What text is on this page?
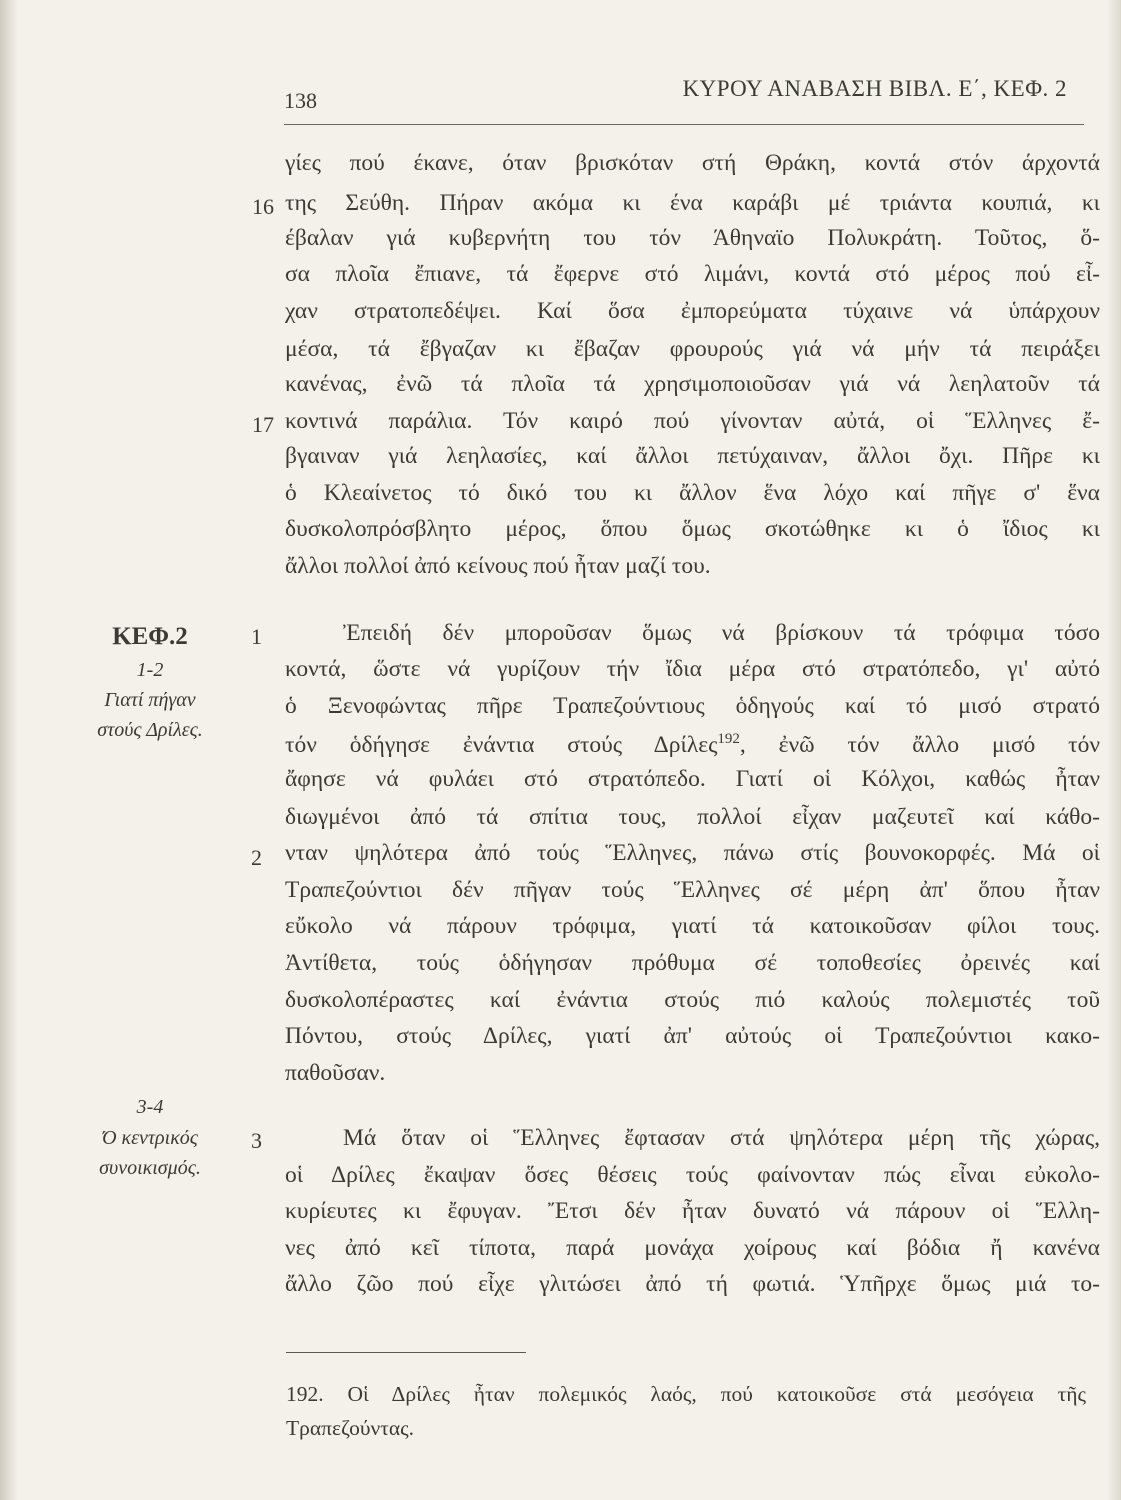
138	ΚΥΡΟΥ ΑΝΑΒΑΣΗ ΒΙΒΛ. Ε΄, ΚΕΦ. 2
16
17
1
2
3
ΚΕΦ.2
1-2
Γιατί πήγαν
στούς Δρίλες.
3-4
Ό κεντρικός
συνοικισμός.
γίες πού έκανε, όταν βρισκόταν στή Θράκη, κοντά στόν άρχοντά
της Σεύθη. Πήραν ακόμα κι ένα καράβι μέ τριάντα κουπιά, κι
έβαλαν γιά κυβερνήτη του τόν Άθηναϊο Πολυκράτη. Τοῦτος, ὅ-
σα πλοῖα ἔπιανε, τά ἔφερνε στό λιμάνι, κοντά στό μέρος πού εἶ-
χαν στρατοπεδέψει. Καί ὅσα ἐμπορεύματα τύχαινε νά ὑπάρχουν
μέσα, τά ἔβγαζαν κι ἔβαζαν φρουρούς γιά νά μήν τά πειράξει
κανένας, ἐνῶ τά πλοῖα τά χρησιμοποιοῦσαν γιά νά λεηλατοῦν τά
κοντινά παράλια. Τόν καιρό πού γίνονταν αὐτά, οἱ Ἕλληνες ἔ-
βγαιναν γιά λεηλασίες, καί ἄλλοι πετύχαιναν, ἄλλοι ὄχι. Πῆρε κι
ὁ Κλεαίνετος τό δικό του κι ἄλλον ἕνα λόχο καί πῆγε σ' ἕνα
δυσκολοπρόσβλητο μέρος, ὅπου ὅμως σκοτώθηκε κι ὁ ἴδιος κι
ἄλλοι πολλοί ἀπό κείνους πού ἦταν μαζί του.
Ἐπειδή δέν μποροῦσαν ὅμως νά βρίσκουν τά τρόφιμα τόσο
κοντά, ὥστε νά γυρίζουν τήν ἴδια μέρα στό στρατόπεδο, γι' αὐτό
ὁ Ξενοφώντας πῆρε Τραπεζούντιους ὁδηγούς καί τό μισό στρατό
τόν ὁδήγησε ἐνάντια στούς Δρίλες$^{192}$, ἐνῶ τόν ἄλλο μισό τόν
ἄφησε νά φυλάει στό στρατόπεδο. Γιατί οἱ Κόλχοι, καθώς ἦταν
διωγμένοι ἀπό τά σπίτια τους, πολλοί εἶχαν μαζευτεῖ καί κάθο-
νταν ψηλότερα ἀπό τούς Ἕλληνες, πάνω στίς βουνοκορφές. Μά οἱ
Τραπεζούντιοι δέν πῆγαν τούς Ἕλληνες σέ μέρη ἀπ' ὅπου ἦταν
εὔκολο νά πάρουν τρόφιμα, γιατί τά κατοικοῦσαν φίλοι τους.
Ἀντίθετα, τούς ὁδήγησαν πρόθυμα σέ τοποθεσίες ὀρεινές καί
δυσκολοπέραστες καί ἐνάντια στούς πιό καλούς πολεμιστές τοῦ
Πόντου, στούς Δρίλες, γιατί ἀπ' αὐτούς οἱ Τραπεζούντιοι κακο-
παθοῦσαν.
Μά ὅταν οἱ Ἕλληνες ἔφτασαν στά ψηλότερα μέρη τῆς χώρας,
οἱ Δρίλες ἔκαψαν ὅσες θέσεις τούς φαίνονταν πώς εἶναι εὐκολο-
κυρίευτες κι ἔφυγαν. Ἔτσι δέν ἦταν δυνατό νά πάρουν οἱ Ἕλλη-
νες ἀπό κεῖ τίποτα, παρά μονάχα χοίρους καί βόδια ἤ κανένα
ἄλλο ζῶο πού εἶχε γλιτώσει ἀπό τή φωτιά. Ὑπῆρχε ὅμως μιά το-
192. Οἱ Δρίλες ἦταν πολεμικός λαός, πού κατοικοῦσε στά μεσόγεια τῆς
Τραπεζούντας.
